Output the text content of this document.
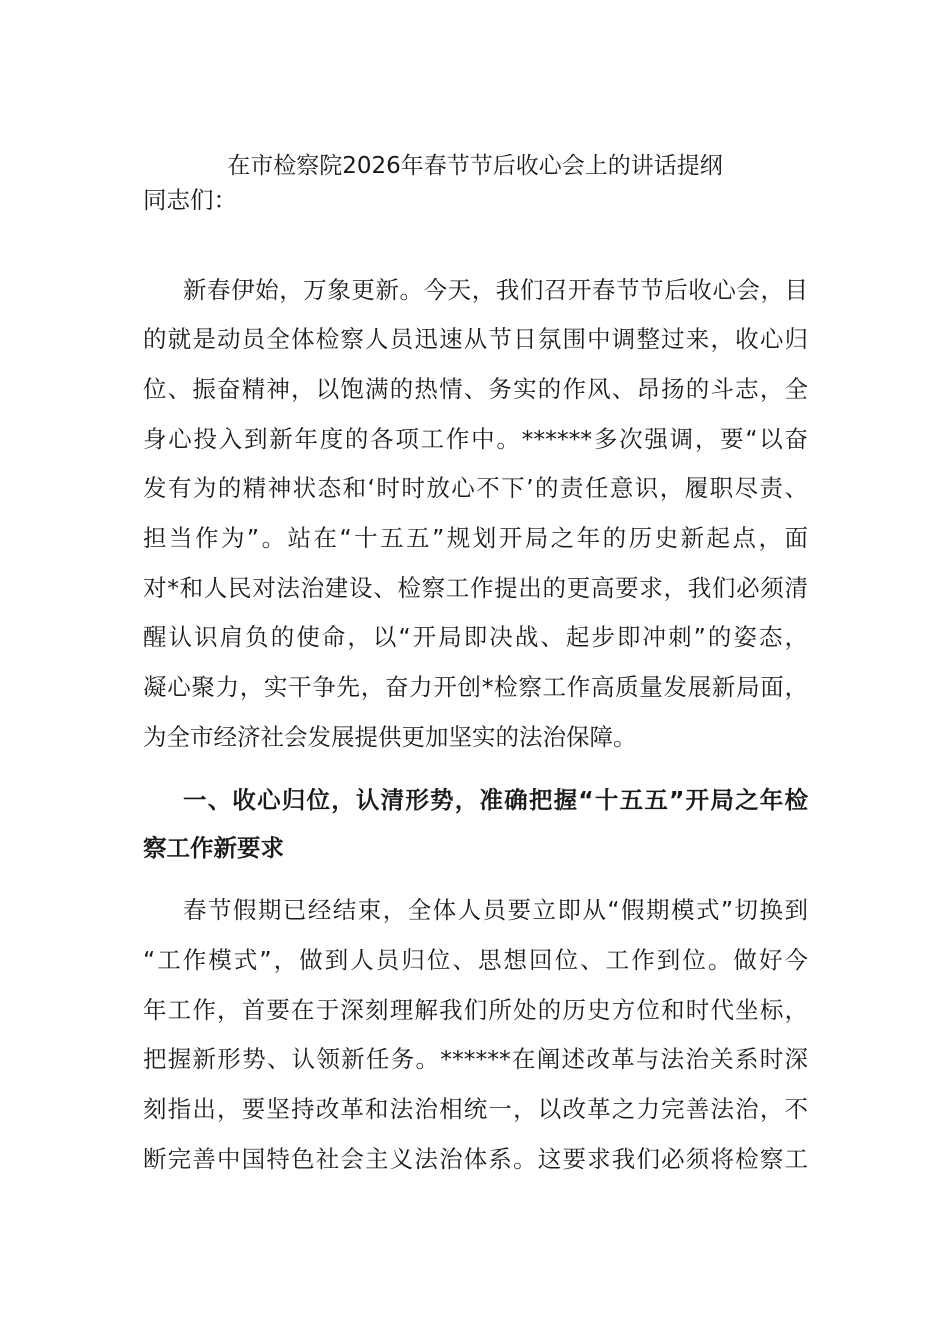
在市检察院2026年春节节后收心会上的讲话提纲
同志们：
新春伊始，万象更新。今天，我们召开春节节后收心会，目
的就是动员全体检察人员迅速从节日氛围中调整过来，收心归
位、振奋精神，以饱满的热情、务实的作风、昂扬的斗志，全
身心投入到新年度的各项工作中。******多次强调，要“以奋
发有为的精神状态和‘时时放心不下’的责任意识，履职尽责、
担当作为”。站在“十五五”规划开局之年的历史新起点，面
对*和人民对法治建设、检察工作提出的更高要求，我们必须清
醒认识肩负的使命，以“开局即决战、起步即冲刺”的姿态，
凝心聚力，实干争先，奋力开创*检察工作高质量发展新局面，
为全市经济社会发展提供更加坚实的法治保障。
一、收心归位，认清形势，准确把握“十五五”开局之年检
察工作新要求
春节假期已经结束，全体人员要立即从“假期模式”切换到
“工作模式”，做到人员归位、思想回位、工作到位。做好今
年工作，首要在于深刻理解我们所处的历史方位和时代坐标，
把握新形势、认领新任务。******在阐述改革与法治关系时深
刻指出，要坚持改革和法治相统一，以改革之力完善法治，不
断完善中国特色社会主义法治体系。这要求我们必须将检察工
